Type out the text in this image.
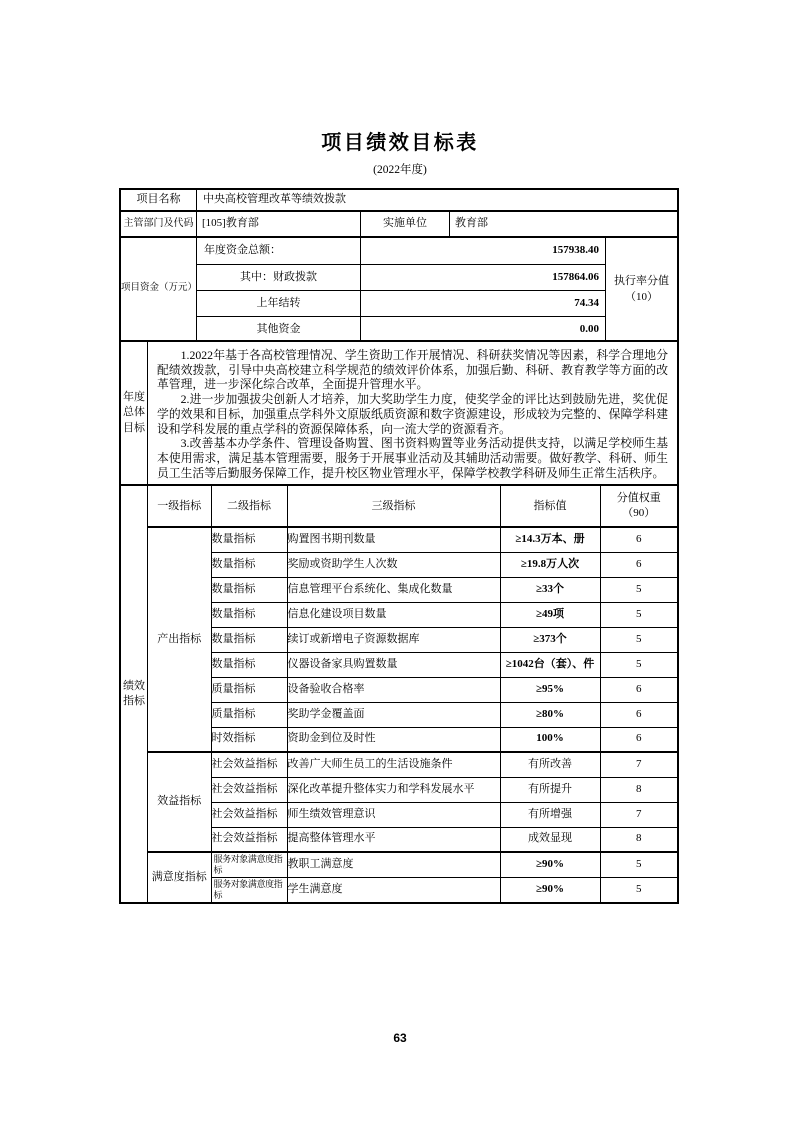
项目绩效目标表
(2022年度)
项目名称	中央高校管理改革等绩效拨款
主管部门及代码 [105]教育部	实施单位	教育部
项目资金（万元）
年度资金总额：	157938.40
其中：财政拨款	157864.06
上年结转	74.34
其他资金	0.00
执行率分值
（10）
年度
总体
目标

1.2022年基于各高校管理情况、学生资助工作开展情况、科研获奖情况等因素，科学合理地分配绩效拨款，引导中央高校建立科学规范的绩效评价体系，加强后勤、科研、教育教学等方面的改革管理，进一步深化综合改革，全面提升管理水平。

2.进一步加强拔尖创新人才培养，加大奖助学生力度，使奖学金的评比达到鼓励先进，奖优促学的效果和目标，加强重点学科外文原版纸质资源和数字资源建设，形成较为完整的、保障学科建设和学科发展的重点学科的资源保障体系，向一流大学的资源看齐。

3.改善基本办学条件、管理设备购置、图书资料购置等业务活动提供支持，以满足学校师生基本使用需求，满足基本管理需要，服务于开展事业活动及其辅助活动需要。做好教学、科研、师生员工生活等后勤服务保障工作，提升校区物业管理水平，保障学校教学科研及师生正常生活秩序。

绩效
指标
一级指标	二级指标	三级指标	指标值	分值权重
（90）

产出指标	数量指标	购置图书期刊数量	≥14.3万本、册	6
	数量指标	奖励或资助学生人次数	≥19.8万人次	6
	数量指标	信息管理平台系统化、集成化数量	≥33个	5
	数量指标	信息化建设项目数量	≥49项	5
	数量指标	续订或新增电子资源数据库	≥373个	5
	数量指标	仪器设备家具购置数量	≥1042台（套）、件	5
	质量指标	设备验收合格率	≥95%	6
	质量指标	奖助学金覆盖面	≥80%	6
	时效指标	资助金到位及时性	100%	6
效益指标	社会效益指标	改善广大师生员工的生活设施条件	有所改善	7
	社会效益指标	深化改革提升整体实力和学科发展水平	有所提升	8
	社会效益指标	师生绩效管理意识	有所增强	7
	社会效益指标	提高整体管理水平	成效显现	8
满意度指标	服务对象满意度指标	教职工满意度	≥90%	5
	服务对象满意度指标	学生满意度	≥90%	5
63
